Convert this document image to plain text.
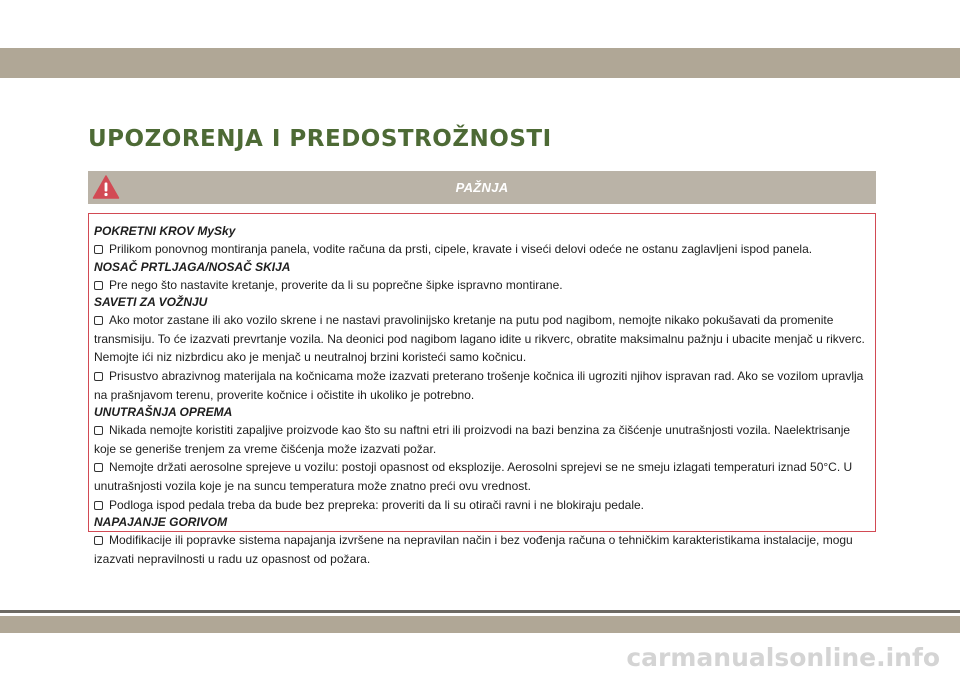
UPOZORENJA I PREDOSTROŽNOSTI
PAŽNJA
POKRETNI KROV MySky

Prilikom ponovnog montiranja panela, vodite računa da prsti, cipele, kravate i viseći delovi odeće ne ostanu zaglavljeni ispod panela.

NOSAČ PRTLJAGA/NOSAČ SKIJA

Pre nego što nastavite kretanje, proverite da li su poprečne šipke ispravno montirane.

SAVETI ZA VOŽNJU

Ako motor zastane ili ako vozilo skrene i ne nastavi pravolinijsko kretanje na putu pod nagibom, nemojte nikako pokušavati da promenite transmisiju. To će izazvati prevrtanje vozila. Na deonici pod nagibom lagano idite u rikverc, obratite maksimalnu pažnju i ubacite menjač u rikverc. Nemojte ići niz nizbrdicu ako je menjač u neutralnoj brzini koristeći samo kočnicu.

Prisustvo abrazivnog materijala na kočnicama može izazvati preterano trošenje kočnica ili ugroziti njihov ispravan rad. Ako se vozilom upravlja na prašnjavom terenu, proverite kočnice i očistite ih ukoliko je potrebno.

UNUTRAŠNJA OPREMA

Nikada nemojte koristiti zapaljive proizvode kao što su naftni etri ili proizvodi na bazi benzina za čišćenje unutrašnjosti vozila. Naelektrisanje koje se generiše trenjem za vreme čišćenja može izazvati požar.

Nemojte držati aerosolne sprejeve u vozilu: postoji opasnost od eksplozije. Aerosolni sprejevi se ne smeju izlagati temperaturi iznad 50°C. U unutrašnjosti vozila koje je na suncu temperatura može znatno preći ovu vrednost.

Podloga ispod pedala treba da bude bez prepreka: proveriti da li su otirači ravni i ne blokiraju pedale.

NAPAJANJE GORIVOM

Modifikacije ili popravke sistema napajanja izvršene na nepravilan način i bez vođenja računa o tehničkim karakteristikama instalacije, mogu izazvati nepravilnosti u radu uz opasnost od požara.

carmanualsonline.info
